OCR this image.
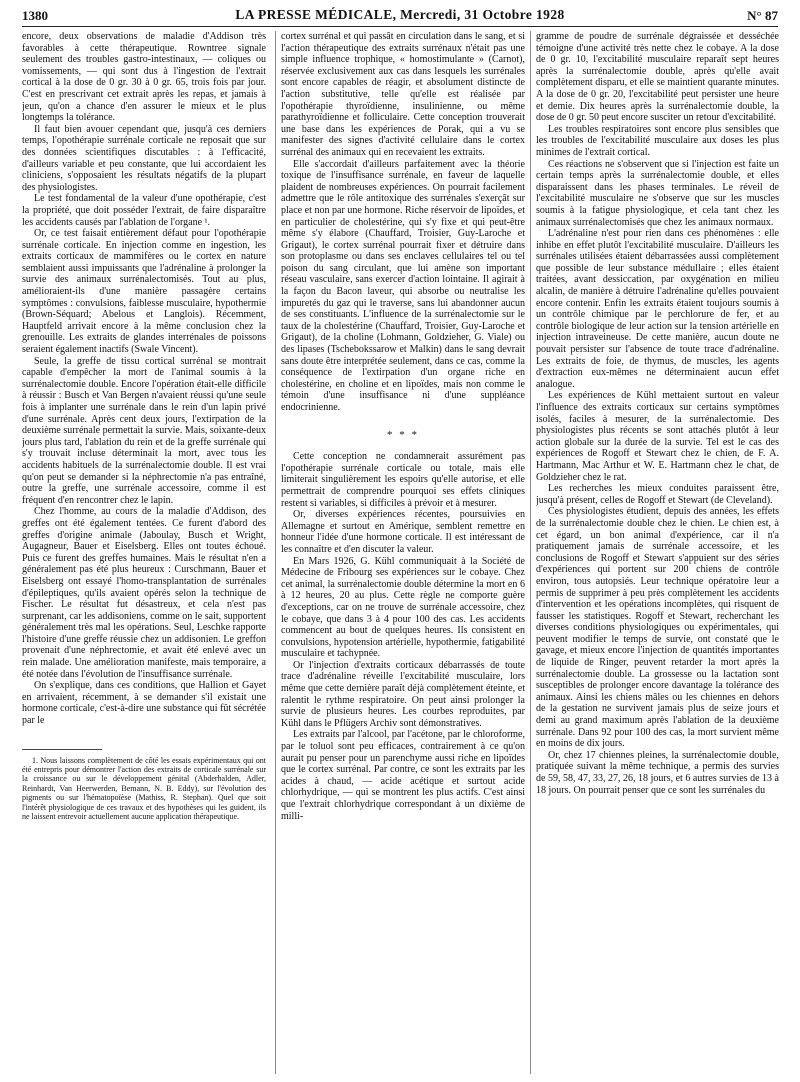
1380	LA PRESSE MÉDICALE, Mercredi, 31 Octobre 1928	N° 87

encore, deux observations de maladie d'Addison très favorables à cette thérapeutique. Rowntree signale seulement des troubles gastro-intestinaux, — coliques ou vomissements, — qui sont dus à l'ingestion de l'extrait cortical à la dose de 0 gr. 30 à 0 gr. 65, trois fois par jour. C'est en prescrivant cet extrait après les repas, et jamais à jeun, qu'on a chance d'en assurer le mieux et le plus longtemps la tolérance.

Il faut bien avouer cependant que, jusqu'à ces derniers temps, l'opothérapie surrénale corticale ne reposait que sur des données scientifiques discutables : à l'efficacité, d'ailleurs variable et peu constante, que lui accordaient les cliniciens, s'opposaient les résultats négatifs de la plupart des physiologistes.

Le test fondamental de la valeur d'une opothérapie, c'est la propriété, que doit posséder l'extrait, de faire disparaître les accidents causés par l'ablation de l'organe ¹.

Or, ce test faisait entièrement défaut pour l'opothérapie surrénale corticale. En injection comme en ingestion, les extraits corticaux de mammifères ou le cortex en nature semblaient aussi impuissants que l'adrénaline à prolonger la survie des animaux surrénalectomisés. Tout au plus, amélioraient-ils d'une manière passagère certains symptômes : convulsions, faiblesse musculaire, hypothermie (Brown-Séquard; Abelous et Langlois). Récemment, Hauptfeld arrivait encore à la même conclusion chez la grenouille. Les extraits de glandes interrénales de poissons seraient également inactifs (Swale Vincent).

Seule, la greffe de tissu cortical surrénal se montrait capable d'empêcher la mort de l'animal soumis à la surrénalectomie double. Encore l'opération était-elle difficile à réussir : Busch et Van Bergen n'avaient réussi qu'une seule fois à implanter une surrénale dans le rein d'un lapin privé d'une surrénale. Après cent deux jours, l'extirpation de la deuxième surrénale permettait la survie. Mais, soixante-deux jours plus tard, l'ablation du rein et de la greffe surrénale qui s'y trouvait incluse déterminait la mort, avec tous les accidents habituels de la surrénalectomie double. Il est vrai qu'on peut se demander si la néphrectomie n'a pas entraîné, outre la greffe, une surrénale accessoire, comme il est fréquent d'en rencontrer chez le lapin.

Chez l'homme, au cours de la maladie d'Addison, des greffes ont été également tentées. Ce furent d'abord des greffes d'origine animale (Jaboulay, Busch et Wright, Augagneur, Bauer et Eiselsberg. Elles ont toutes échoué. Puis ce furent des greffes humaines. Mais le résultat n'en a généralement pas été plus heureux : Curschmann, Bauer et Eiselsberg ont essayé l'homo-transplantation de surrénales d'épileptiques, qu'ils avaient opérés selon la technique de Fischer. Le résultat fut désastreux, et cela n'est pas surprenant, car les addisoniens, comme on le sait, supportent généralement très mal les opérations. Seul, Leschke rapporte l'histoire d'une greffe réussie chez un addisonien. Le greffon provenait d'une néphrectomie, et avait été enlevé avec un rein malade. Une amélioration manifeste, mais temporaire, a été notée dans l'évolution de l'insuffisance surrénale.

On s'explique, dans ces conditions, que Hallion et Gayet en arrivaient, récemment, à se demander s'il existait une hormone corticale, c'est-à-dire une substance qui fût sécrétée par le

1. Nous laissons complètement de côté les essais expérimentaux qui ont été entrepris pour démontrer l'action des extraits de corticale surrénale sur la croissance ou sur le développement génital (Abderhalden, Adler, Reinhardt, Van Heerwerden, Bemann, N. B. Eddy), sur l'évolution des pigments ou sur l'hématopoïèse (Mathiss, R. Stephan). Quel que soit l'intérêt physiologique de ces travaux et des hypothèses qui les guident, ils ne laissent entrevoir actuellement aucune application thérapeutique.

cortex surrénal et qui passât en circulation dans le sang, et si l'action thérapeutique des extraits surrénaux n'était pas une simple influence trophique, « homostimulante » (Carnot), réservée exclusivement aux cas dans lesquels les surrénales sont encore capables de réagir, et absolument distincte de l'action substitutive, telle qu'elle est réalisée par l'opothérapie thyroïdienne, insulinienne, ou même parathyroïdienne et folliculaire. Cette conception trouverait une base dans les expériences de Porak, qui a vu se manifester des signes d'activité cellulaire dans le cortex surrénal des animaux qui en recevaient les extraits.

Elle s'accordait d'ailleurs parfaitement avec la théorie toxique de l'insuffisance surrénale, en faveur de laquelle plaident de nombreuses expériences. On pourrait facilement admettre que le rôle antitoxique des surrénales s'exerçât sur place et non par une hormone. Riche réservoir de lipoïdes, et en particulier de cholestérine, qui s'y fixe et qui peut-être même s'y élabore (Chauffard, Troisier, Guy-Laroche et Grigaut), le cortex surrénal pourrait fixer et détruire dans son protoplasme ou dans ses enclaves cellulaires tel ou tel poison du sang circulant, que lui amène son important réseau vasculaire, sans exercer d'action lointaine. Il agirait à la façon du Bacon laveur, qui absorbe ou neutralise les impuretés du gaz qui le traverse, sans lui abandonner aucun de ses constituants. L'influence de la surrénalectomie sur le taux de la cholestérine (Chauffard, Troisier, Guy-Laroche et Grigaut), de la choline (Lohmann, Goldzieher, G. Viale) ou des lipases (Tschebokssarow et Malkin) dans le sang devrait sans doute être interprétée seulement, dans ce cas, comme la conséquence de l'extirpation d'un organe riche en cholestérine, en choline et en lipoïdes, mais non comme le témoin d'une insuffisance ni d'une suppléance endocrinienne.

* * *

Cette conception ne condamnerait assurément pas l'opothérapie surrénale corticale ou totale, mais elle limiterait singulièrement les espoirs qu'elle autorise, et elle permettrait de comprendre pourquoi ses effets cliniques restent si variables, si difficiles à prévoir et à mesurer.

Or, diverses expériences récentes, poursuivies en Allemagne et surtout en Amérique, semblent remettre en honneur l'idée d'une hormone corticale. Il est intéressant de les connaître et d'en discuter la valeur.

En Mars 1926, G. Kühl communiquait à la Société de Médecine de Fribourg ses expériences sur le cobaye. Chez cet animal, la surrénalectomie double détermine la mort en 6 à 12 heures, 20 au plus. Cette règle ne comporte guère d'exceptions, car on ne trouve de surrénale accessoire, chez le cobaye, que dans 3 à 4 pour 100 des cas. Les accidents commencent au bout de quelques heures. Ils consistent en convulsions, hypotension artérielle, hypothermie, fatigabilité musculaire et tachypnée.

Or l'injection d'extraits corticaux débarrassés de toute trace d'adrénaline réveille l'excitabilité musculaire, lors même que cette dernière paraît déjà complètement éteinte, et ralentit le rythme respiratoire. On peut ainsi prolonger la survie de plusieurs heures. Les courbes reproduites, par Kühl dans le Pflügers Archiv sont démonstratives.

Les extraits par l'alcool, par l'acétone, par le chloroforme, par le toluol sont peu efficaces, contrairement à ce qu'on aurait pu penser pour un parenchyme aussi riche en lipoïdes que le cortex surrénal. Par contre, ce sont les extraits par les acides à chaud, — acide acétique et surtout acide chlorhydrique, — qui se montrent les plus actifs. C'est ainsi que l'extrait chlorhydrique correspondant à un dixième de milli-

gramme de poudre de surrénale dégraissée et desséchée témoigne d'une activité très nette chez le cobaye. A la dose de 0 gr. 10, l'excitabilité musculaire reparaît sept heures après la surrénalectomie double, après qu'elle avait complètement disparu, et elle se maintient quarante minutes. A la dose de 0 gr. 20, l'excitabilité peut persister une heure et demie. Dix heures après la surrénalectomie double, la dose de 0 gr. 50 peut encore susciter un retour d'excitabilité.

Les troubles respiratoires sont encore plus sensibles que les troubles de l'excitabilité musculaire aux doses les plus minimes de l'extrait cortical.

Ces réactions ne s'observent que si l'injection est faite un certain temps après la surrénalectomie double, et elles disparaissent dans les phases terminales. Le réveil de l'excitabilité musculaire ne s'observe que sur les muscles soumis à la fatigue physiologique, et cela tant chez les animaux surrénalectomisés que chez les animaux normaux.

L'adrénaline n'est pour rien dans ces phénomènes : elle inhibe en effet plutôt l'excitabilité musculaire. D'ailleurs les surrénales utilisées étaient débarrassées aussi complètement que possible de leur substance médullaire ; elles étaient traitées, avant dessiccation, par oxygénation en milieu alcalin, de manière à détruire l'adrénaline qu'elles pouvaient encore contenir. Enfin les extraits étaient toujours soumis à un contrôle chimique par le perchlorure de fer, et au contrôle biologique de leur action sur la tension artérielle en injection intraveineuse. De cette manière, aucun doute ne pouvait persister sur l'absence de toute trace d'adrénaline. Les extraits de foie, de thymus, de muscles, les agents d'extraction eux-mêmes ne déterminaient aucun effet analogue.

Les expériences de Kühl mettaient surtout en valeur l'influence des extraits corticaux sur certains symptômes isolés, faciles à mesurer, de la surrénalectomie. Des physiologistes plus récents se sont attachés plutôt à leur action globale sur la durée de la survie. Tel est le cas des expériences de Rogoff et Stewart chez le chien, de F. A. Hartmann, Mac Arthur et W. E. Hartmann chez le chat, de Goldzieher chez le rat.

Les recherches les mieux conduites paraissent être, jusqu'à présent, celles de Rogoff et Stewart (de Cleveland).

Ces physiologistes étudient, depuis des années, les effets de la surrénalectomie double chez le chien. Le chien est, à cet égard, un bon animal d'expérience, car il n'a pratiquement jamais de surrénale accessoire, et les conclusions de Rogoff et Stewart s'appuient sur des séries d'expériences qui portent sur 200 chiens de contrôle environ, tous autopsiés. Leur technique opératoire leur a permis de supprimer à peu près complètement les accidents d'intervention et les opérations incomplètes, qui risquent de fausser les statistiques. Rogoff et Stewart, recherchant les diverses conditions physiologiques ou expérimentales, qui peuvent modifier le temps de survie, ont constaté que le gavage, et mieux encore l'injection de quantités importantes de liquide de Ringer, peuvent retarder la mort après la surrénalectomie double. La grossesse ou la lactation sont susceptibles de prolonger encore davantage la tolérance des animaux. Ainsi les chiens mâles ou les chiennes en dehors de la gestation ne survivent jamais plus de seize jours et demi au grand maximum après l'ablation de la deuxième surrénale. Dans 92 pour 100 des cas, la mort survient même en moins de dix jours.

Or, chez 17 chiennes pleines, la surrénalectomie double, pratiquée suivant la même technique, a permis des survies de 59, 58, 47, 33, 27, 26, 18 jours, et 6 autres survies de 13 à 18 jours. On pourrait penser que ce sont les surrénales du
